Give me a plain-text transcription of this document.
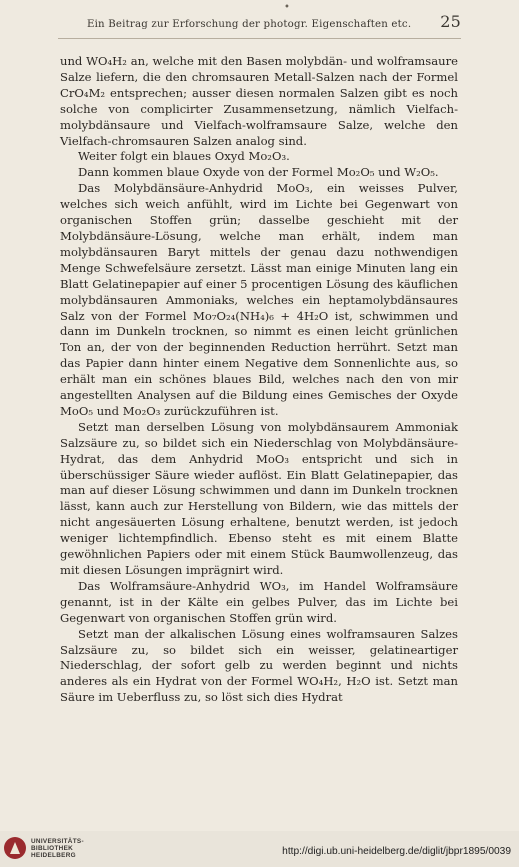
•
Ein Beitrag zur Erforschung der photogr. Eigenschaften etc.	25

und WO₄H₂ an, welche mit den Basen molybdän- und wolframsaure Salze liefern, die den chromsauren Metall-Salzen nach der Formel CrO₄M₂ entsprechen; ausser diesen normalen Salzen gibt es noch solche von complicirter Zusammensetzung, nämlich Vielfach-molybdänsaure und Vielfach-wolframsaure Salze, welche den Vielfach-chromsauren Salzen analog sind.

Weiter folgt ein blaues Oxyd Mo₂O₃.

Dann kommen blaue Oxyde von der Formel Mo₂O₅ und W₂O₅.

Das Molybdänsäure-Anhydrid MoO₃, ein weisses Pulver, welches sich weich anfühlt, wird im Lichte bei Gegenwart von organischen Stoffen grün; dasselbe geschieht mit der Molybdänsäure-Lösung, welche man erhält, indem man molybdänsauren Baryt mittels der genau dazu nothwendigen Menge Schwefelsäure zersetzt. Lässt man einige Minuten lang ein Blatt Gelatinepapier auf einer 5 procentigen Lösung des käuflichen molybdänsauren Ammoniaks, welches ein heptamolybdänsaures Salz von der Formel Mo₇O₂₄(NH₄)₆ + 4H₂O ist, schwimmen und dann im Dunkeln trocknen, so nimmt es einen leicht grünlichen Ton an, der von der beginnenden Reduction herrührt. Setzt man das Papier dann hinter einem Negative dem Sonnenlichte aus, so erhält man ein schönes blaues Bild, welches nach den von mir angestellten Analysen auf die Bildung eines Gemisches der Oxyde MoO₅ und Mo₂O₃ zurückzuführen ist.

Setzt man derselben Lösung von molybdänsaurem Ammoniak Salzsäure zu, so bildet sich ein Niederschlag von Molybdänsäure-Hydrat, das dem Anhydrid MoO₃ entspricht und sich in überschüssiger Säure wieder auflöst. Ein Blatt Gelatinepapier, das man auf dieser Lösung schwimmen und dann im Dunkeln trocknen lässt, kann auch zur Herstellung von Bildern, wie das mittels der nicht angesäuerten Lösung erhaltene, benutzt werden, ist jedoch weniger lichtempfindlich. Ebenso steht es mit einem Blatte gewöhnlichen Papiers oder mit einem Stück Baumwollenzeug, das mit diesen Lösungen imprägnirt wird.

Das Wolframsäure-Anhydrid WO₃, im Handel Wolframsäure genannt, ist in der Kälte ein gelbes Pulver, das im Lichte bei Gegenwart von organischen Stoffen grün wird.

Setzt man der alkalischen Lösung eines wolframsauren Salzes Salzsäure zu, so bildet sich ein weisser, gelatineartiger Niederschlag, der sofort gelb zu werden beginnt und nichts anderes als ein Hydrat von der Formel WO₄H₂, H₂O ist. Setzt man Säure im Ueberfluss zu, so löst sich dies Hydrat

UNIVERSITÄTS-
BIBLIOTHEK
HEIDELBERG	http://digi.ub.uni-heidelberg.de/diglit/jbpr1895/0039
